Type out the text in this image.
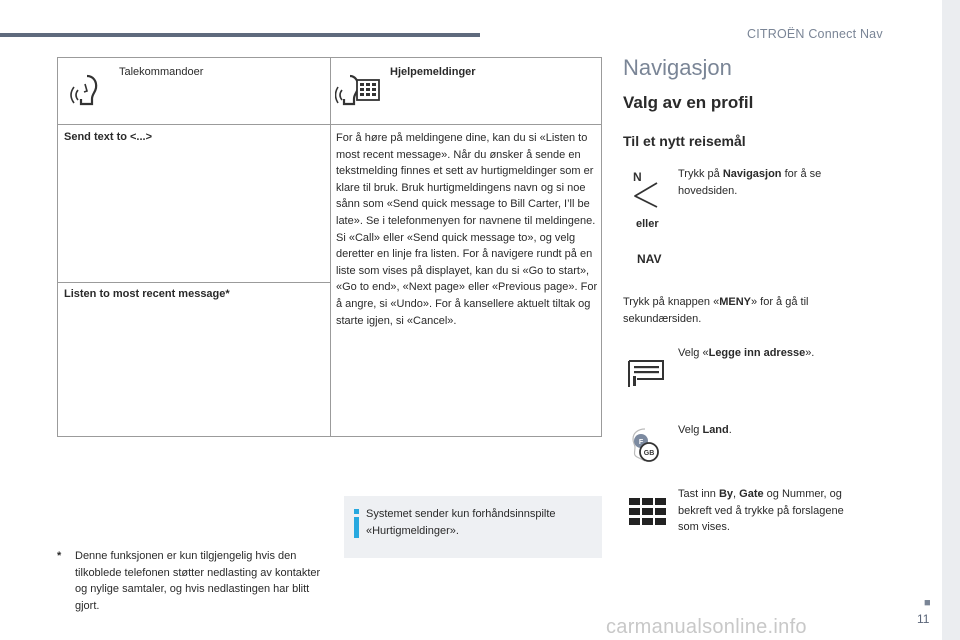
CITROËN Connect Nav
■
11
carmanualsonline.info
Talekommandoer	Hjelpemeldinger
Send text to <...>
Listen to most recent message*
For å høre på meldingene dine, kan du si «Listen to most recent message». Når du ønsker å sende en tekstmelding finnes et sett av hurtigmeldinger som er klare til bruk. Bruk hurtigmeldingens navn og si noe sånn som «Send quick message to Bill Carter, I’ll be late». Se i telefonmenyen for navnene til meldingene. Si «Call» eller «Send quick message to», og velg deretter en linje fra listen. For å navigere rundt på en liste som vises på displayet, kan du si «Go to start», «Go to end», «Next page» eller «Previous page». For å angre, si «Undo». For å kansellere aktuelt tiltak og starte igjen, si «Cancel».
* Denne funksjonen er kun tilgjengelig hvis den tilkoblede telefonen støtter nedlasting av kontakter og nylige samtaler, og hvis nedlastingen har blitt gjort.
Systemet sender kun forhåndsinnspilte «Hurtigmeldinger».
Navigasjon
Valg av en profil
Til et nytt reisemål
N
eller
NAV
Trykk på Navigasjon for å se hovedsiden.
Trykk på knappen «MENY» for å gå til sekundærsiden.
Velg «Legge inn adresse».
F
GB
Velg Land.
Tast inn By, Gate og Nummer, og bekreft ved å trykke på forslagene som vises.
